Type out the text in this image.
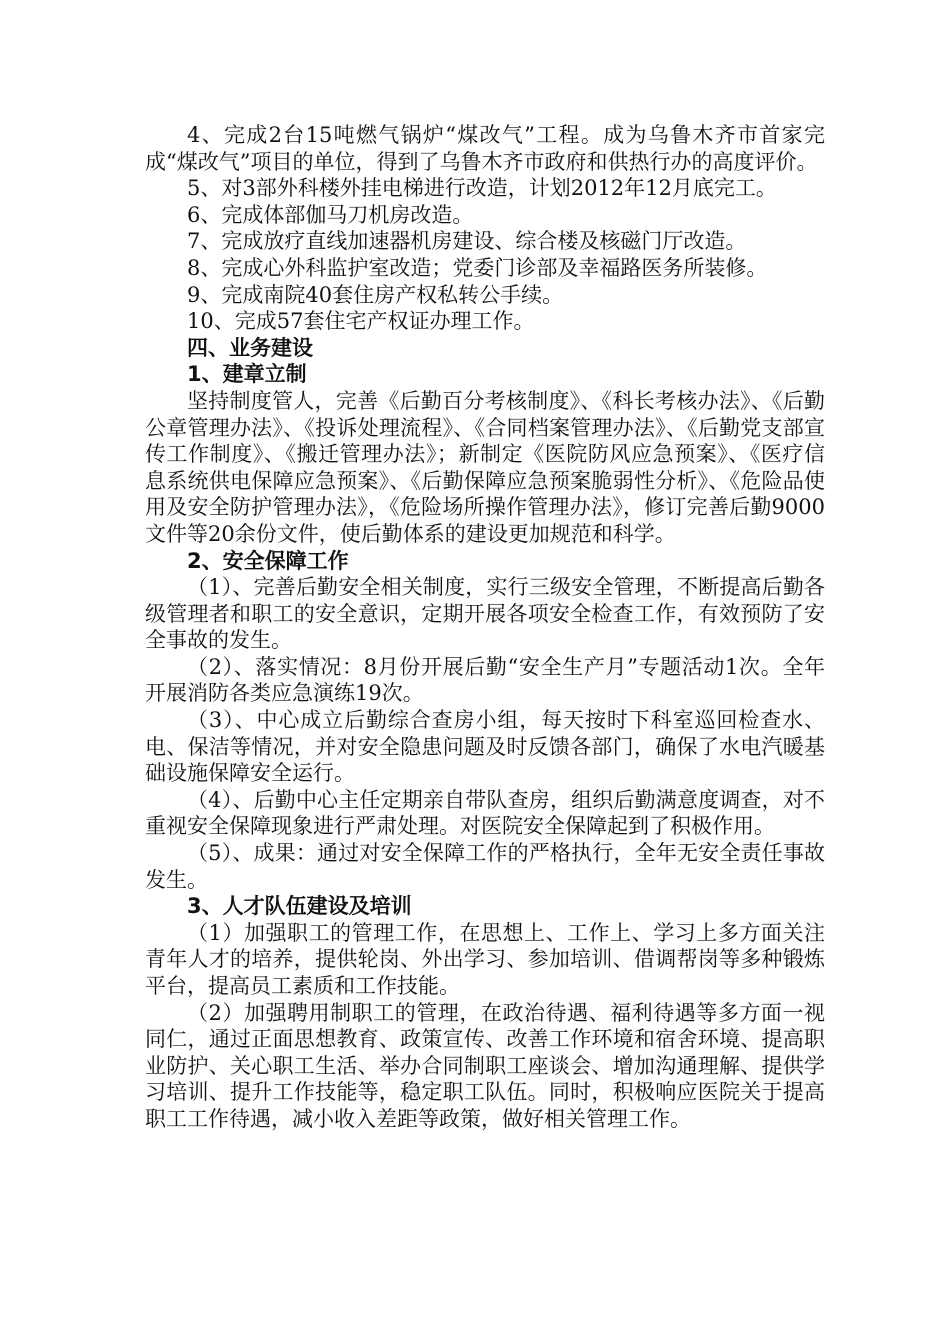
4、完成2台15吨燃气锅炉“煤改气”工程。成为乌鲁木齐市首家完成“煤改气”项目的单位，得到了乌鲁木齐市政府和供热行办的高度评价。

5、对3部外科楼外挂电梯进行改造，计划2012年12月底完工。

6、完成体部伽马刀机房改造。

7、完成放疗直线加速器机房建设、综合楼及核磁门厅改造。

8、完成心外科监护室改造；党委门诊部及幸福路医务所装修。

9、完成南院40套住房产权私转公手续。

10、完成57套住宅产权证办理工作。

四、业务建设

1、建章立制

坚持制度管人，完善《后勤百分考核制度》、《科长考核办法》、《后勤公章管理办法》、《投诉处理流程》、《合同档案管理办法》、《后勤党支部宣传工作制度》、《搬迁管理办法》；新制定《医院防风应急预案》、《医疗信息系统供电保障应急预案》、《后勤保障应急预案脆弱性分析》、《危险品使用及安全防护管理办法》，《危险场所操作管理办法》，修订完善后勤9000文件等20余份文件，使后勤体系的建设更加规范和科学。

2、安全保障工作

（1）、完善后勤安全相关制度，实行三级安全管理，不断提高后勤各级管理者和职工的安全意识，定期开展各项安全检查工作，有效预防了安全事故的发生。

（2）、落实情况：8月份开展后勤“安全生产月”专题活动1次。全年开展消防各类应急演练19次。

（3）、中心成立后勤综合查房小组，每天按时下科室巡回检查水、电、保洁等情况，并对安全隐患问题及时反馈各部门，确保了水电汽暖基础设施保障安全运行。

（4）、后勤中心主任定期亲自带队查房，组织后勤满意度调查，对不重视安全保障现象进行严肃处理。对医院安全保障起到了积极作用。

（5）、成果：通过对安全保障工作的严格执行，全年无安全责任事故发生。

3、人才队伍建设及培训

（1）加强职工的管理工作，在思想上、工作上、学习上多方面关注青年人才的培养，提供轮岗、外出学习、参加培训、借调帮岗等多种锻炼平台，提高员工素质和工作技能。

（2）加强聘用制职工的管理，在政治待遇、福利待遇等多方面一视同仁，通过正面思想教育、政策宣传、改善工作环境和宿舍环境、提高职业防护、关心职工生活、举办合同制职工座谈会、增加沟通理解、提供学习培训、提升工作技能等，稳定职工队伍。同时，积极响应医院关于提高职工工作待遇，减小收入差距等政策，做好相关管理工作。
